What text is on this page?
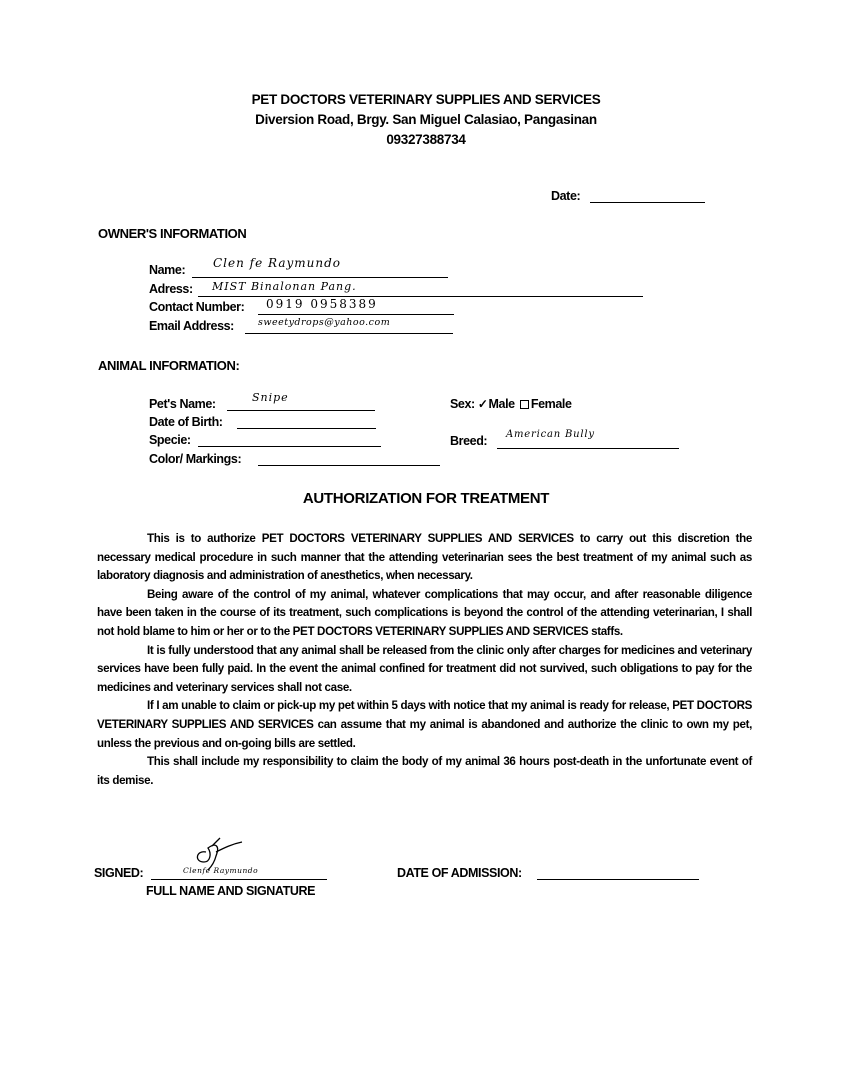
PET DOCTORS VETERINARY SUPPLIES AND SERVICES
Diversion Road, Brgy. San Miguel Calasiao, Pangasinan
09327388734
Date:
OWNER'S INFORMATION
Name: Clen fe Raymundo
Adress: MIST Binalonan Pang.
Contact Number: 0919 0958389
Email Address:	sweetydrops@yahoo.com
ANIMAL INFORMATION:
Pet's Name:	Snipe
Date of Birth:
Specie:
Color/ Markings:
Sex: ✓Male Female
Breed: American Bully
AUTHORIZATION FOR TREATMENT

This is to authorize PET DOCTORS VETERINARY SUPPLIES AND SERVICES to carry out this discretion the necessary medical procedure in such manner that the attending veterinarian sees the best treatment of my animal such as laboratory diagnosis and administration of anesthetics, when necessary.

Being aware of the control of my animal, whatever complications that may occur, and after reasonable diligence have been taken in the course of its treatment, such complications is beyond the control of the attending veterinarian, I shall not hold blame to him or her or to the PET DOCTORS VETERINARY SUPPLIES AND SERVICES staffs.

It is fully understood that any animal shall be released from the clinic only after charges for medicines and veterinary services have been fully paid. In the event the animal confined for treatment did not survived, such obligations to pay for the medicines and veterinary services shall not case.

If I am unable to claim or pick-up my pet within 5 days with notice that my animal is ready for release, PET DOCTORS VETERINARY SUPPLIES AND SERVICES can assume that my animal is abandoned and authorize the clinic to own my pet, unless the previous and on-going bills are settled.

This shall include my responsibility to claim the body of my animal 36 hours post-death in the unfortunate event of its demise.

SIGNED:	Clenfe Raymundo
FULL NAME AND SIGNATURE
DATE OF ADMISSION:
